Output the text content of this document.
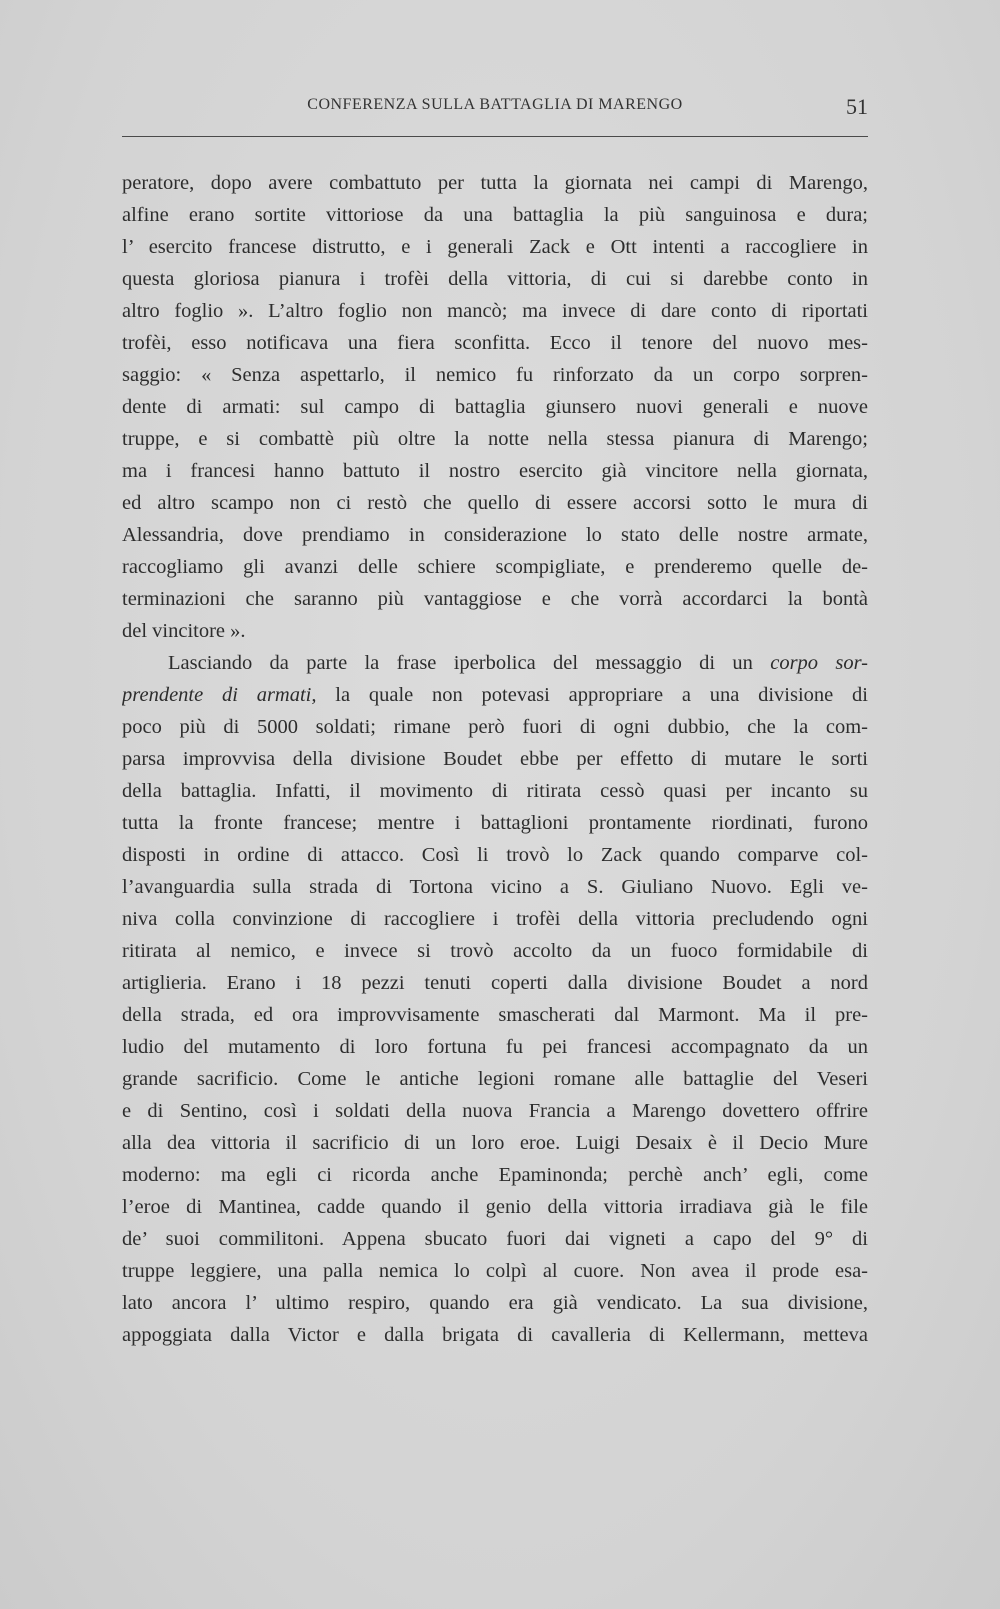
CONFERENZA SULLA BATTAGLIA DI MARENGO	51
peratore, dopo avere combattuto per tutta la giornata nei campi di Marengo,
alfine erano sortite vittoriose da una battaglia la più sanguinosa e dura;
l’ esercito francese distrutto, e i generali Zack e Ott intenti a raccogliere in
questa gloriosa pianura i trofèi della vittoria, di cui si darebbe conto in
altro foglio ». L’altro foglio non mancò; ma invece di dare conto di riportati
trofèi, esso notificava una fiera sconfitta. Ecco il tenore del nuovo mes-
saggio: « Senza aspettarlo, il nemico fu rinforzato da un corpo sorpren-
dente di armati: sul campo di battaglia giunsero nuovi generali e nuove
truppe, e si combattè più oltre la notte nella stessa pianura di Marengo;
ma i francesi hanno battuto il nostro esercito già vincitore nella giornata,
ed altro scampo non ci restò che quello di essere accorsi sotto le mura di
Alessandria, dove prendiamo in considerazione lo stato delle nostre armate,
raccogliamo gli avanzi delle schiere scompigliate, e prenderemo quelle de-
terminazioni che saranno più vantaggiose e che vorrà accordarci la bontà
del vincitore ».
Lasciando da parte la frase iperbolica del messaggio di un corpo sor-
prendente di armati, la quale non potevasi appropriare a una divisione di
poco più di 5000 soldati; rimane però fuori di ogni dubbio, che la com-
parsa improvvisa della divisione Boudet ebbe per effetto di mutare le sorti
della battaglia. Infatti, il movimento di ritirata cessò quasi per incanto su
tutta la fronte francese; mentre i battaglioni prontamente riordinati, furono
disposti in ordine di attacco. Così li trovò lo Zack quando comparve col-
l’avanguardia sulla strada di Tortona vicino a S. Giuliano Nuovo. Egli ve-
niva colla convinzione di raccogliere i trofèi della vittoria precludendo ogni
ritirata al nemico, e invece si trovò accolto da un fuoco formidabile di
artiglieria. Erano i 18 pezzi tenuti coperti dalla divisione Boudet a nord
della strada, ed ora improvvisamente smascherati dal Marmont. Ma il pre-
ludio del mutamento di loro fortuna fu pei francesi accompagnato da un
grande sacrificio. Come le antiche legioni romane alle battaglie del Veseri
e di Sentino, così i soldati della nuova Francia a Marengo dovettero offrire
alla dea vittoria il sacrificio di un loro eroe. Luigi Desaix è il Decio Mure
moderno: ma egli ci ricorda anche Epaminonda; perchè anch’ egli, come
l’eroe di Mantinea, cadde quando il genio della vittoria irradiava già le file
de’ suoi commilitoni. Appena sbucato fuori dai vigneti a capo del 9° di
truppe leggiere, una palla nemica lo colpì al cuore. Non avea il prode esa-
lato ancora l’ ultimo respiro, quando era già vendicato. La sua divisione,
appoggiata dalla Victor e dalla brigata di cavalleria di Kellermann, metteva
